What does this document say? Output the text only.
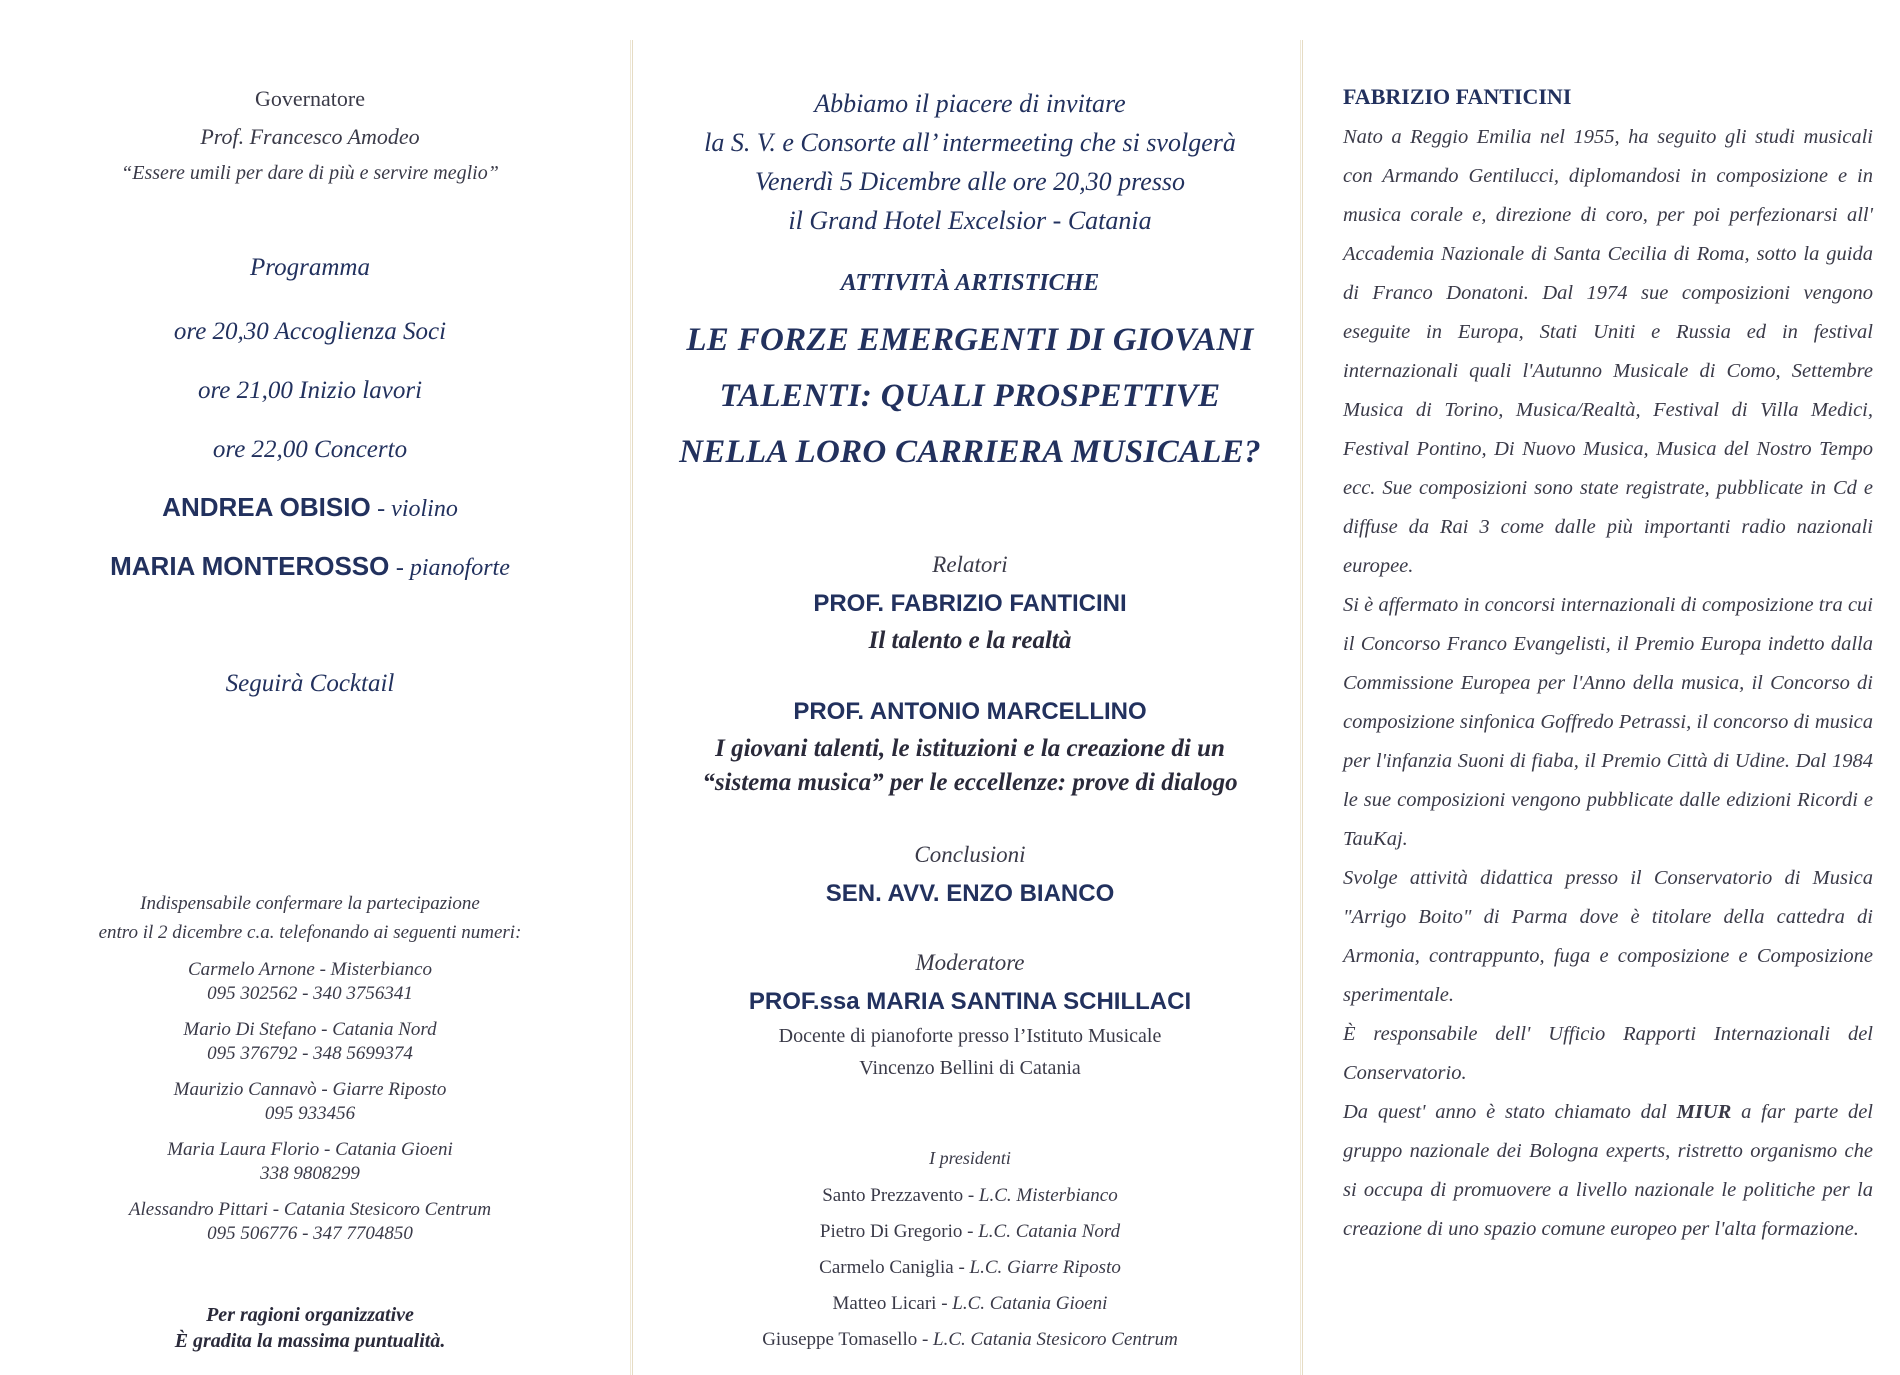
Governatore
Prof. Francesco Amodeo
“Essere umili per dare di più e servire meglio”
Programma
ore 20,30 Accoglienza Soci
ore 21,00 Inizio lavori
ore 22,00 Concerto
ANDREA OBISIO - violino
MARIA MONTEROSSO - pianoforte
Seguirà Cocktail
Indispensabile confermare la partecipazione
entro il 2 dicembre c.a. telefonando ai seguenti numeri:
Carmelo Arnone - Misterbianco
095 302562 - 340 3756341
Mario Di Stefano - Catania Nord
095 376792 - 348 5699374
Maurizio Cannavò - Giarre Riposto
095 933456
Maria Laura Florio - Catania Gioeni
338 9808299
Alessandro Pittari - Catania Stesicoro Centrum
095 506776 - 347 7704850
Per ragioni organizzative
È gradita la massima puntualità.
Abbiamo il piacere di invitare
la S. V. e Consorte all’ intermeeting che si svolgerà
Venerdì 5 Dicembre alle ore 20,30 presso
il Grand Hotel Excelsior - Catania
ATTIVITÀ ARTISTICHE
LE FORZE EMERGENTI DI GIOVANI
TALENTI: QUALI PROSPETTIVE
NELLA LORO CARRIERA MUSICALE?
Relatori
PROF. FABRIZIO FANTICINI
Il talento e la realtà
PROF. ANTONIO MARCELLINO
I giovani talenti, le istituzioni e la creazione di un
“sistema musica” per le eccellenze: prove di dialogo
Conclusioni
SEN. AVV. ENZO BIANCO
Moderatore
PROF.ssa MARIA SANTINA SCHILLACI
Docente di pianoforte presso l’Istituto Musicale
Vincenzo Bellini di Catania
I presidenti
Santo Prezzavento - L.C. Misterbianco
Pietro Di Gregorio - L.C. Catania Nord
Carmelo Caniglia - L.C. Giarre Riposto
Matteo Licari - L.C. Catania Gioeni
Giuseppe Tomasello - L.C. Catania Stesicoro Centrum
FABRIZIO FANTICINI

Nato a Reggio Emilia nel 1955, ha seguito gli studi musicali con Armando Gentilucci, diplomandosi in composizione e in musica corale e, direzione di coro, per poi perfezionarsi all' Accademia Nazionale di Santa Cecilia di Roma, sotto la guida di Franco Donatoni. Dal 1974 sue composizioni vengono eseguite in Europa, Stati Uniti e Russia ed in festival internazionali quali l'Autunno Musicale di Como, Settembre Musica di Torino, Musica/Realtà, Festival di Villa Medici, Festival Pontino, Di Nuovo Musica, Musica del Nostro Tempo ecc. Sue composizioni sono state registrate, pubblicate in Cd e diffuse da Rai 3 come dalle più importanti radio nazionali europee.

Si è affermato in concorsi internazionali di composizione tra cui il Concorso Franco Evangelisti, il Premio Europa indetto dalla Commissione Europea per l'Anno della musica, il Concorso di composizione sinfonica Goffredo Petrassi, il concorso di musica per l'infanzia Suoni di fiaba, il Premio Città di Udine. Dal 1984 le sue composizioni vengono pubblicate dalle edizioni Ricordi e TauKaj.

Svolge attività didattica presso il Conservatorio di Musica "Arrigo Boito" di Parma dove è titolare della cattedra di Armonia, contrappunto, fuga e composizione e Composizione sperimentale.

È responsabile dell' Ufficio Rapporti Internazionali del Conservatorio.

Da quest' anno è stato chiamato dal MIUR a far parte del gruppo nazionale dei Bologna experts, ristretto organismo che si occupa di promuovere a livello nazionale le politiche per la creazione di uno spazio comune europeo per l'alta formazione.
